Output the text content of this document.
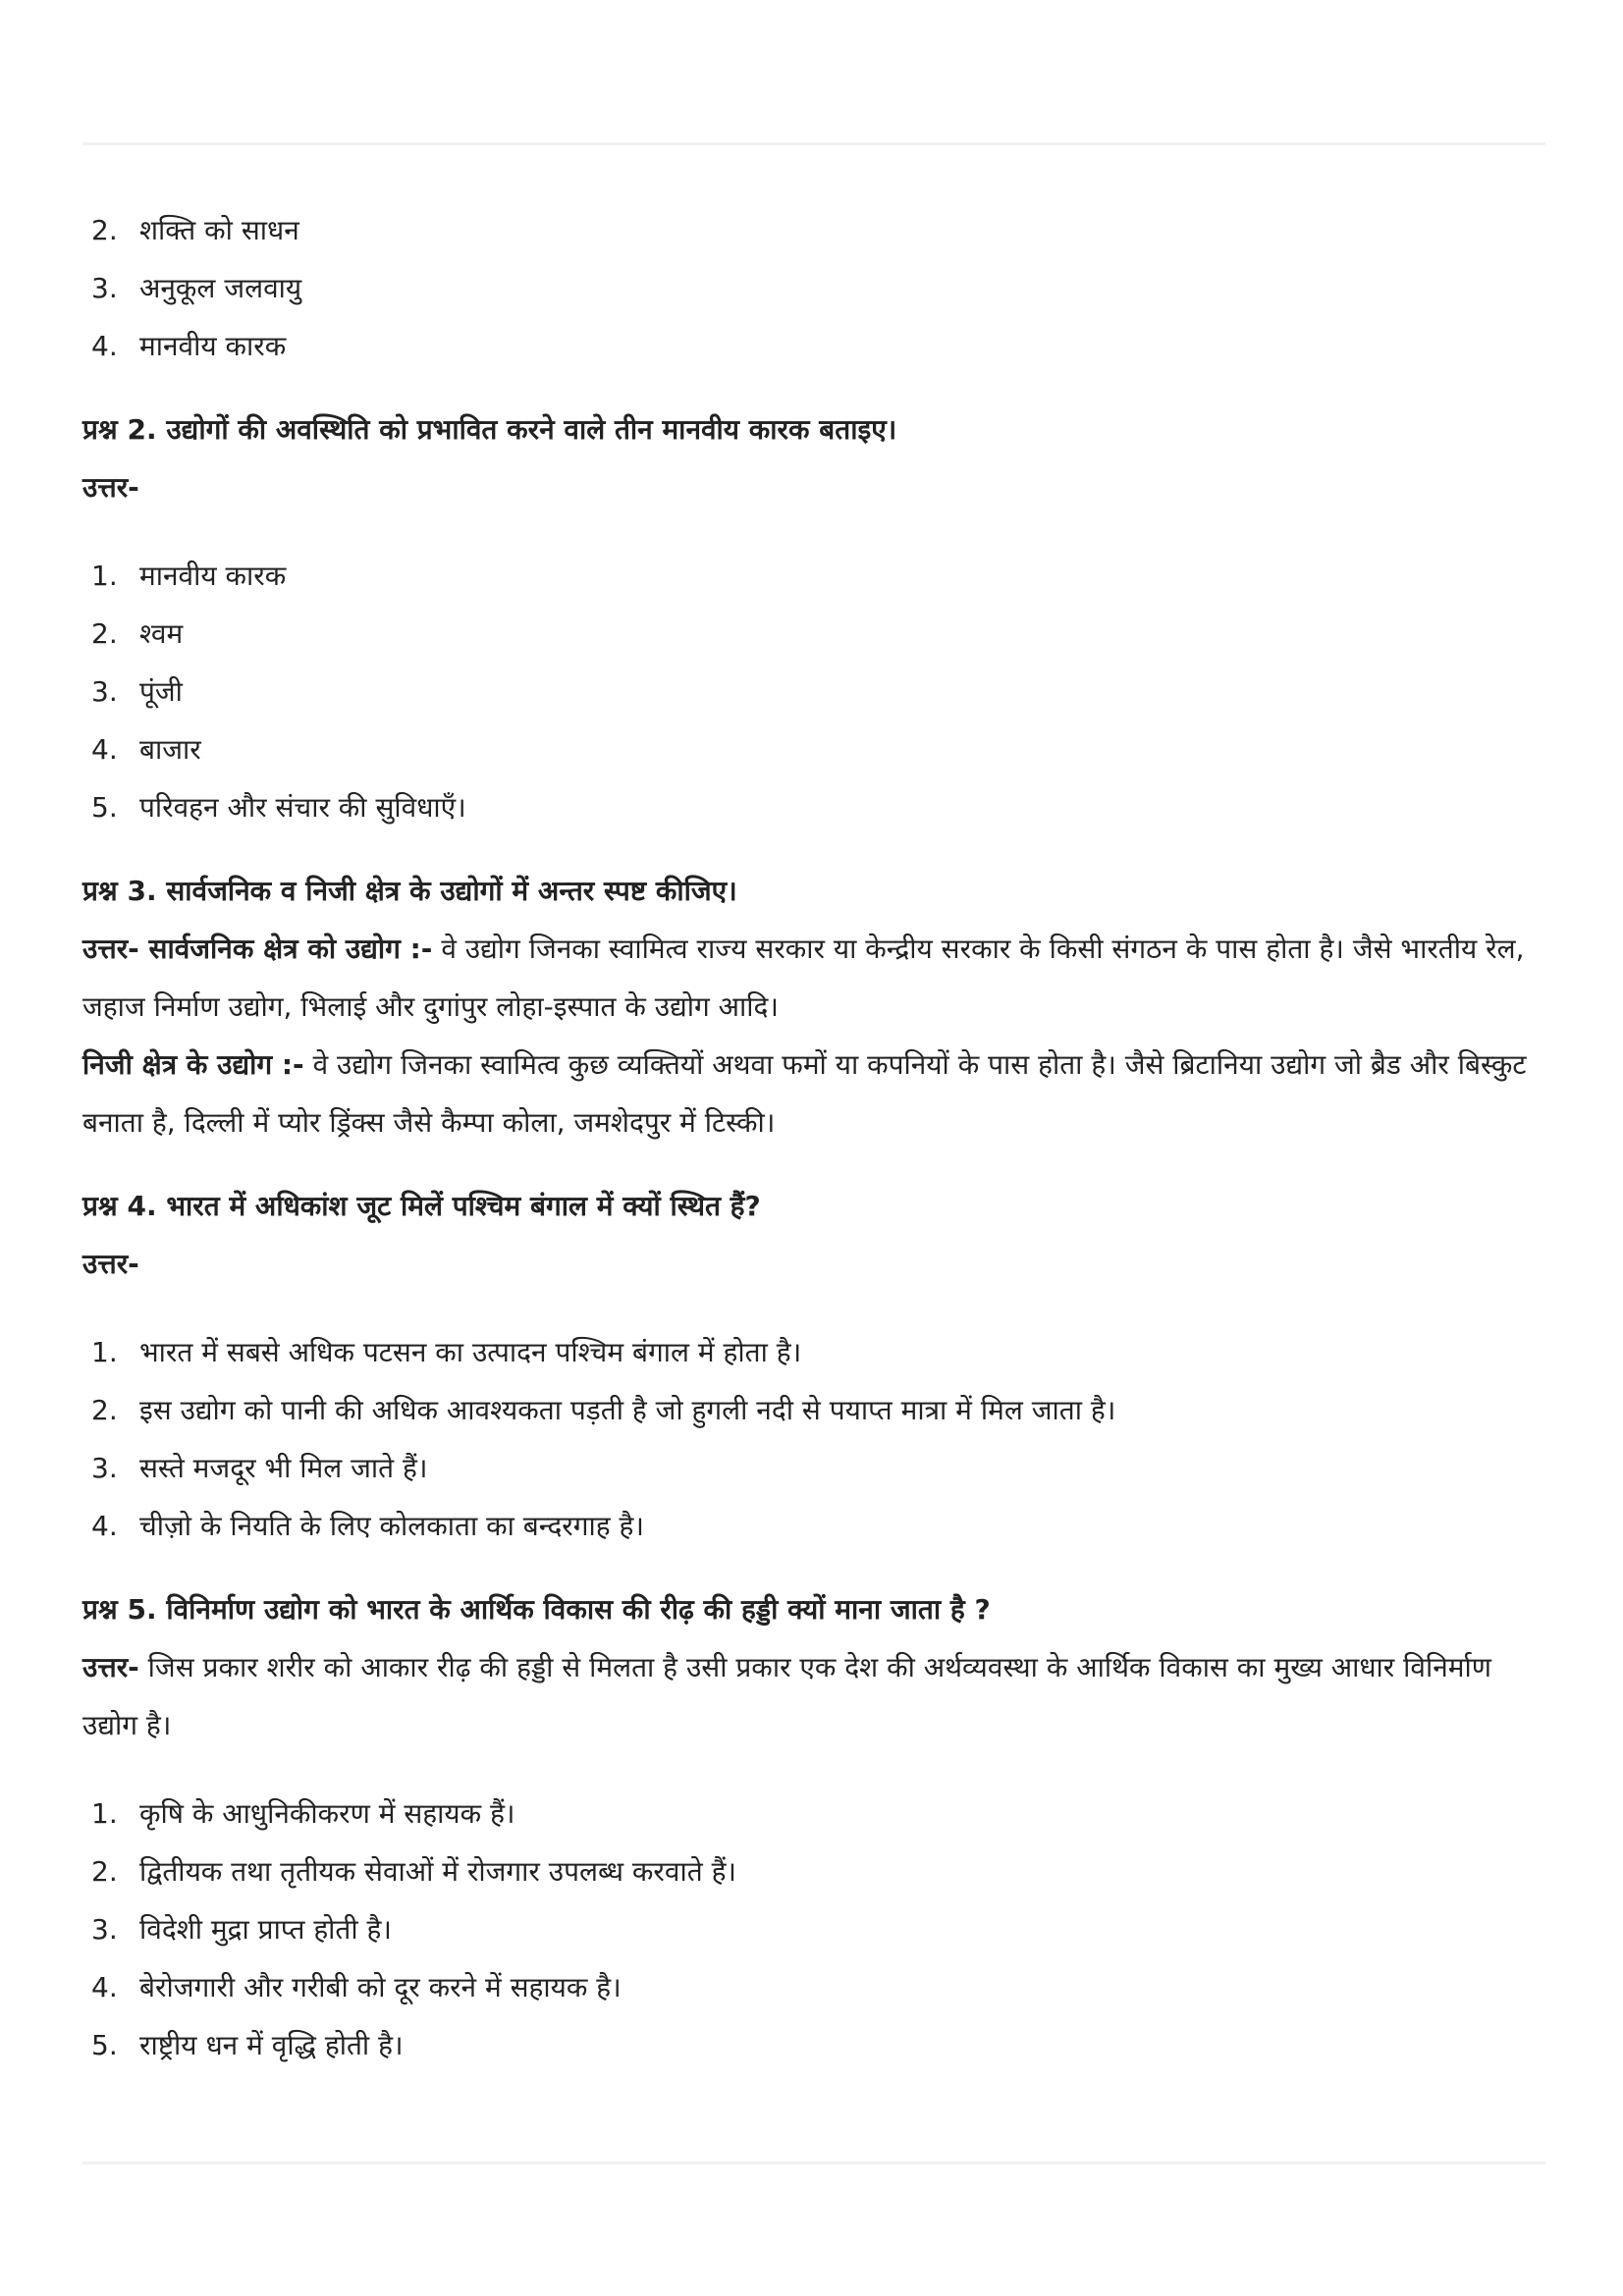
2. शक्ति को साधन
3. अनुकूल जलवायु
4. मानवीय कारक

प्रश्न 2. उद्योगों की अवस्थिति को प्रभावित करने वाले तीन मानवीय कारक बताइए।

उत्तर-

1. मानवीय कारक
2. श्वम
3. पूंजी
4. बाजार
5. परिवहन और संचार की सुविधाएँ।

प्रश्न 3. सार्वजनिक व निजी क्षेत्र के उद्योगों में अन्तर स्पष्ट कीजिए।

उत्तर- सार्वजनिक क्षेत्र को उद्योग :- वे उद्योग जिनका स्वामित्व राज्य सरकार या केन्द्रीय सरकार के किसी संगठन के पास होता है। जैसे भारतीय रेल, जहाज निर्माण उद्योग, भिलाई और दुगांपुर लोहा-इस्पात के उद्योग आदि।

निजी क्षेत्र के उद्योग :- वे उद्योग जिनका स्वामित्व कुछ व्यक्तियों अथवा फमों या कपनियों के पास होता है। जैसे ब्रिटानिया उद्योग जो ब्रैड और बिस्कुट बनाता है, दिल्ली में प्योर ड्रिंक्स जैसे कैम्पा कोला, जमशेदपुर में टिस्की।

प्रश्न 4. भारत में अधिकांश जूट मिलें पश्चिम बंगाल में क्यों स्थित हैं?

उत्तर-

1. भारत में सबसे अधिक पटसन का उत्पादन पश्चिम बंगाल में होता है।
2. इस उद्योग को पानी की अधिक आवश्यकता पड़ती है जो हुगली नदी से पयाप्त मात्रा में मिल जाता है।
3. सस्ते मजदूर भी मिल जाते हैं।
4. चीज़ो के नियति के लिए कोलकाता का बन्दरगाह है।

प्रश्न 5. विनिर्माण उद्योग को भारत के आर्थिक विकास की रीढ़ की हड्डी क्यों माना जाता है ?

उत्तर- जिस प्रकार शरीर को आकार रीढ़ की हड्डी से मिलता है उसी प्रकार एक देश की अर्थव्यवस्था के आर्थिक विकास का मुख्य आधार विनिर्माण उद्योग है।

1. कृषि के आधुनिकीकरण में सहायक हैं।
2. द्वितीयक तथा तृतीयक सेवाओं में रोजगार उपलब्ध करवाते हैं।
3. विदेशी मुद्रा प्राप्त होती है।
4. बेरोजगारी और गरीबी को दूर करने में सहायक है।
5. राष्ट्रीय धन में वृद्धि होती है।
